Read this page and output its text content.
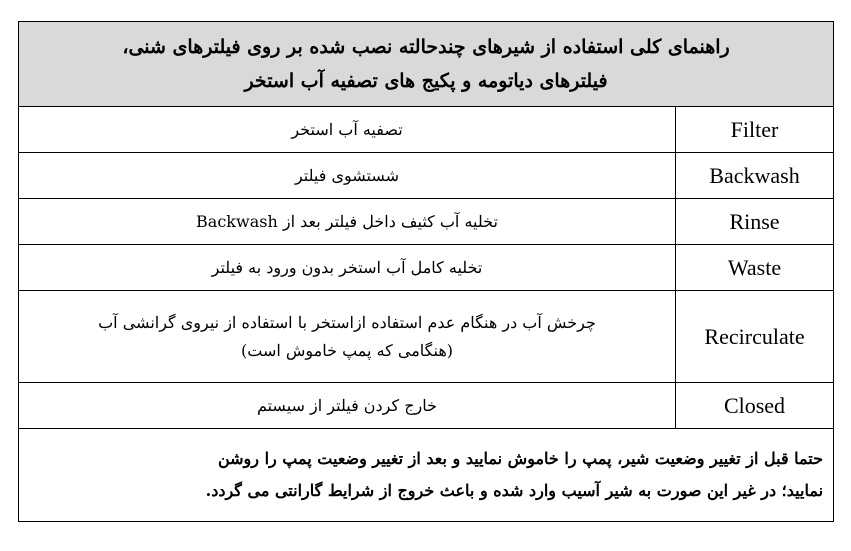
راهنمای کلی استفاده از شیرهای چندحالته نصب شده بر روی فیلترهای شنی،
فیلترهای دیاتومه و پکیج های تصفیه آب استخر	

تصفیه آب استخر	Filter
شستشوی فیلتر	Backwash
تخلیه آب کثیف داخل فیلتر بعد از Backwash	Rinse
تخلیه کامل آب استخر بدون ورود به فیلتر	Waste

چرخش آب در هنگام عدم استفاده ازاستخر با استفاده از نیروی گرانشی آب
(هنگامی که پمپ خاموش است)	Recirculate
خارج کردن فیلتر از سیستم	Closed

حتما قبل از تغییر وضعیت شیر، پمپ را خاموش نمایید و بعد از تغییر وضعیت پمپ را روشن
نمایید؛ در غیر این صورت به شیر آسیب وارد شده و باعث خروج از شرایط گارانتی می گردد.	
